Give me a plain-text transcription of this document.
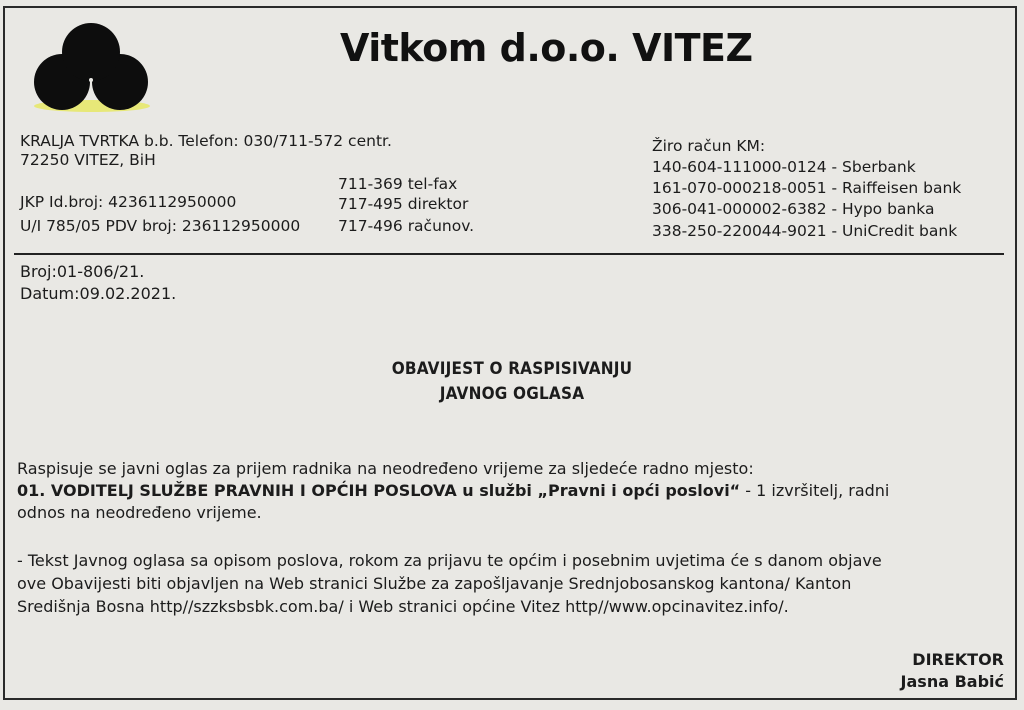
Vitkom d.o.o. VITEZ
KRALJA TVRTKA b.b. Telefon: 030/711-572 centr.
72250 VITEZ, BiH
JKP Id.broj: 4236112950000
U/I 785/05 PDV broj: 236112950000
711-369 tel-fax
717-495 direktor
717-496 računov.
Žiro račun KM:
140-604-111000-0124 - Sberbank
161-070-000218-0051 - Raiffeisen bank
306-041-000002-6382 - Hypo banka
338-250-220044-9021 - UniCredit bank
Broj:01-806/21.
Datum:09.02.2021.
OBAVIJEST O RASPISIVANJU
JAVNOG OGLASA
Raspisuje se javni oglas za prijem radnika na neodređeno vrijeme za sljedeće radno mjesto:
01. VODITELJ SLUŽBE PRAVNIH I OPĆIH POSLOVA u službi „Pravni i opći poslovi“ - 1 izvršitelj, radni
odnos na neodređeno vrijeme.
- Tekst Javnog oglasa sa opisom poslova, rokom za prijavu te općim i posebnim uvjetima će s danom objave
ove Obavijesti biti objavljen na Web stranici Službe za zapošljavanje Srednjobosanskog kantona/ Kanton
Središnja Bosna http//szzksbsbk.com.ba/ i Web stranici općine Vitez http//www.opcinavitez.info/.
DIREKTOR
Jasna Babić
